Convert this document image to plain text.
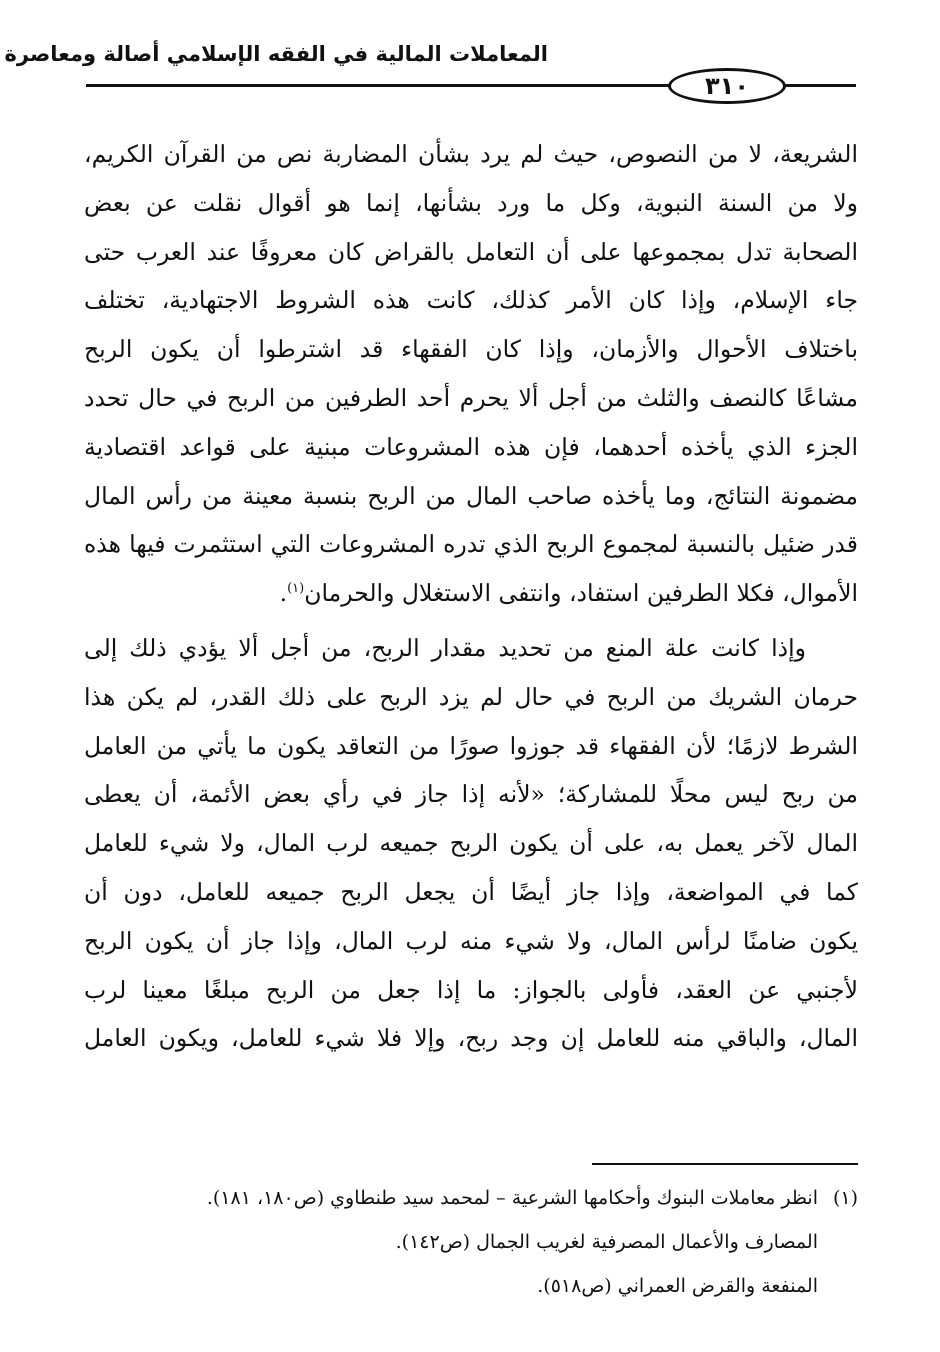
المعاملات المالية في الفقه الإسلامي أصالة ومعاصرة
٣١٠
الشريعة، لا من النصوص، حيث لم يرد بشأن المضاربة نص من القرآن الكريم،
ولا من السنة النبوية، وكل ما ورد بشأنها، إنما هو أقوال نقلت عن بعض
الصحابة تدل بمجموعها على أن التعامل بالقراض كان معروفًا عند العرب حتى
جاء الإسلام، وإذا كان الأمر كذلك، كانت هذه الشروط الاجتهادية، تختلف
باختلاف الأحوال والأزمان، وإذا كان الفقهاء قد اشترطوا أن يكون الربح
مشاعًا كالنصف والثلث من أجل ألا يحرم أحد الطرفين من الربح في حال تحدد
الجزء الذي يأخذه أحدهما، فإن هذه المشروعات مبنية على قواعد اقتصادية
مضمونة النتائج، وما يأخذه صاحب المال من الربح بنسبة معينة من رأس المال
قدر ضئيل بالنسبة لمجموع الربح الذي تدره المشروعات التي استثمرت فيها هذه
الأموال، فكلا الطرفين استفاد، وانتفى الاستغلال والحرمان$^{(١)}$.
وإذا كانت علة المنع من تحديد مقدار الربح، من أجل ألا يؤدي ذلك إلى
حرمان الشريك من الربح في حال لم يزد الربح على ذلك القدر، لم يكن هذا
الشرط لازمًا؛ لأن الفقهاء قد جوزوا صورًا من التعاقد يكون ما يأتي من العامل
من ربح ليس محلًا للمشاركة؛ «لأنه إذا جاز في رأي بعض الأئمة، أن يعطى
المال لآخر يعمل به، على أن يكون الربح جميعه لرب المال، ولا شيء للعامل
كما في المواضعة، وإذا جاز أيضًا أن يجعل الربح جميعه للعامل، دون أن
يكون ضامنًا لرأس المال، ولا شيء منه لرب المال، وإذا جاز أن يكون الربح
لأجنبي عن العقد، فأولى بالجواز: ما إذا جعل من الربح مبلغًا معينا لرب
المال، والباقي منه للعامل إن وجد ربح، وإلا فلا شيء للعامل، ويكون العامل
(١)انظر معاملات البنوك وأحكامها الشرعية – لمحمد سيد طنطاوي (ص١٨٠، ١٨١).
المصارف والأعمال المصرفية لغريب الجمال (ص١٤٢).
المنفعة والقرض العمراني (ص٥١٨).
